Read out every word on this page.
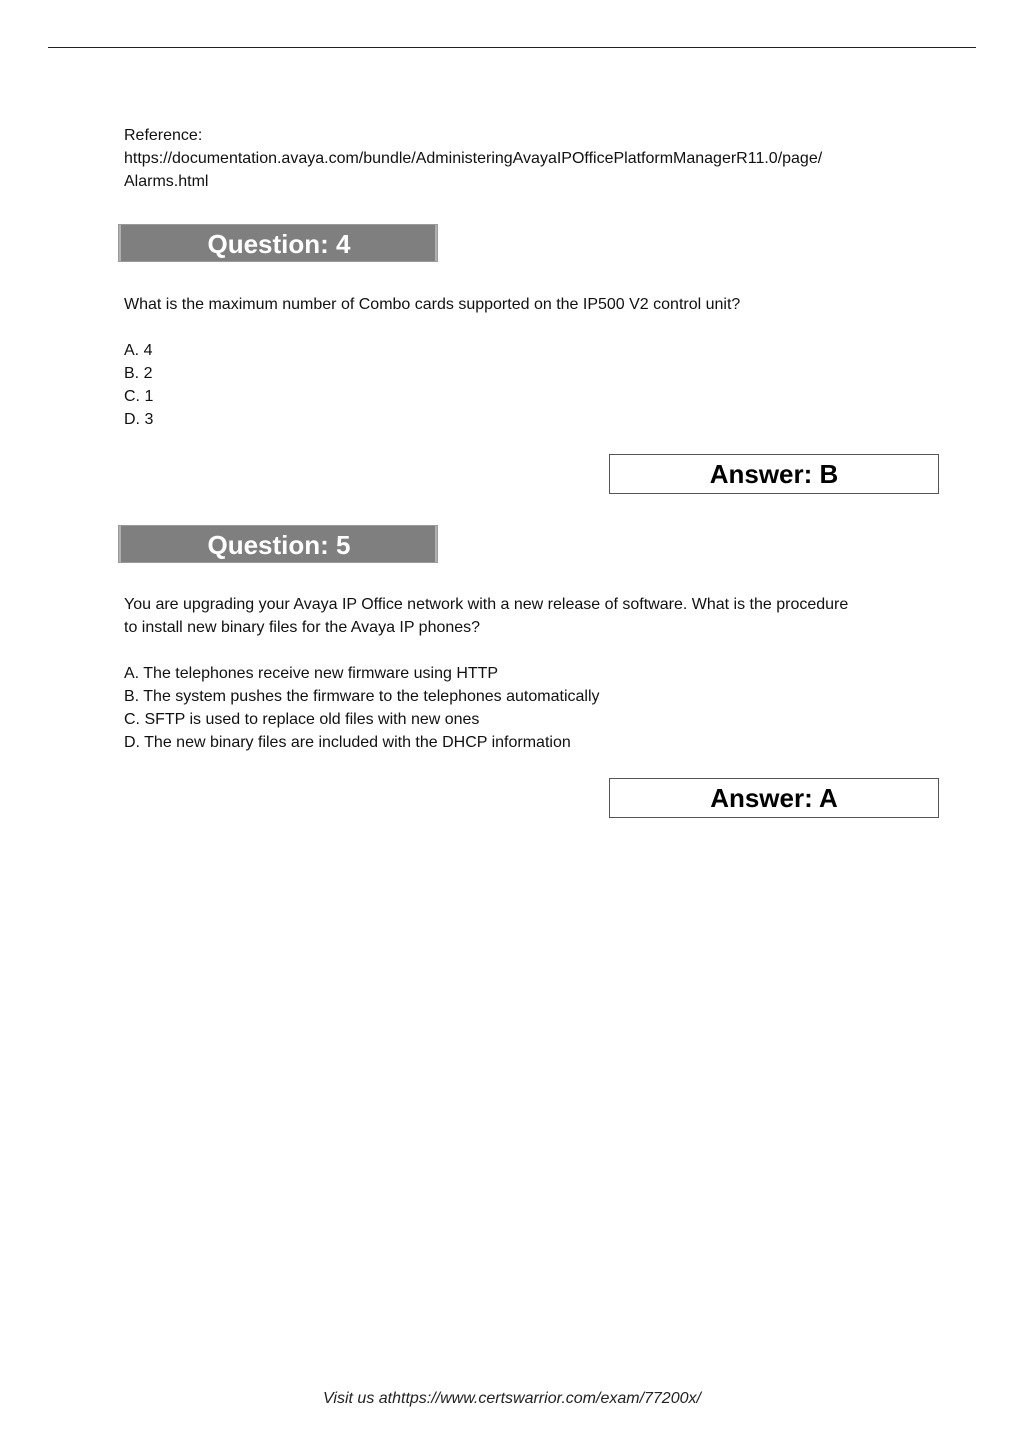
Reference:
https://documentation.avaya.com/bundle/AdministeringAvayaIPOfficePlatformManagerR11.0/page/
Alarms.html
Question: 4
What is the maximum number of Combo cards supported on the IP500 V2 control unit?
A. 4
B. 2
C. 1
D. 3
Answer: B
Question: 5
You are upgrading your Avaya IP Office network with a new release of software. What is the procedure
to install new binary files for the Avaya IP phones?
A. The telephones receive new firmware using HTTP
B. The system pushes the firmware to the telephones automatically
C. SFTP is used to replace old files with new ones
D. The new binary files are included with the DHCP information
Answer: A
Visit us athttps://www.certswarrior.com/exam/77200x/
